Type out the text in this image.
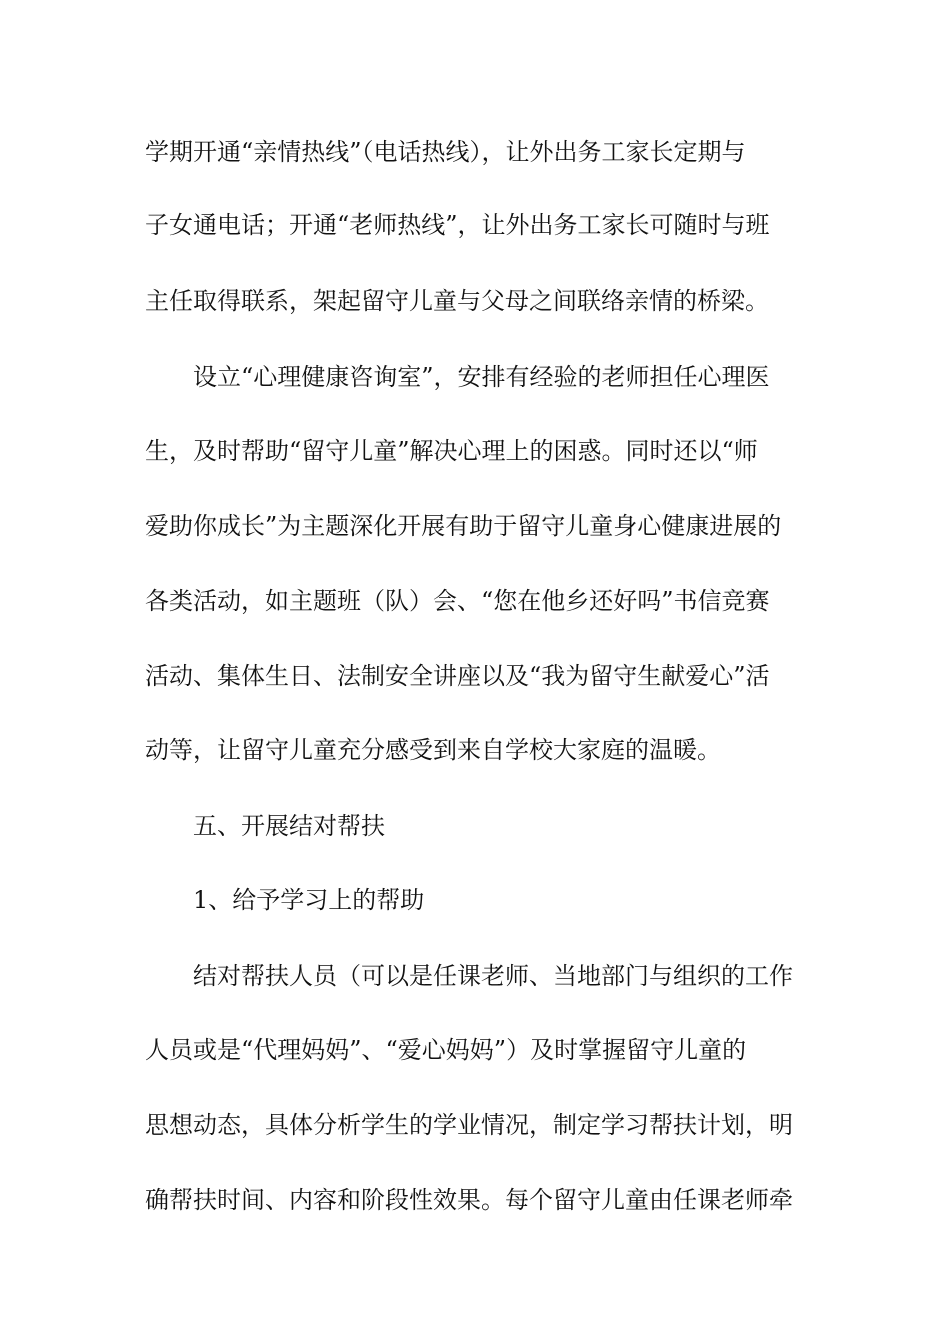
学期开通“亲情热线”（电话热线），让外出务工家长定期与
子女通电话；开通“老师热线”，让外出务工家长可随时与班
主任取得联系，架起留守儿童与父母之间联络亲情的桥梁。
设立“心理健康咨询室”，安排有经验的老师担任心理医
生，及时帮助“留守儿童”解决心理上的困惑。同时还以“师
爱助你成长”为主题深化开展有助于留守儿童身心健康进展的
各类活动，如主题班（队）会、“您在他乡还好吗”书信竞赛
活动、集体生日、法制安全讲座以及“我为留守生献爱心”活
动等，让留守儿童充分感受到来自学校大家庭的温暖。
五、开展结对帮扶
1、给予学习上的帮助
结对帮扶人员（可以是任课老师、当地部门与组织的工作
人员或是“代理妈妈”、“爱心妈妈”）及时掌握留守儿童的
思想动态，具体分析学生的学业情况，制定学习帮扶计划，明
确帮扶时间、内容和阶段性效果。每个留守儿童由任课老师牵
